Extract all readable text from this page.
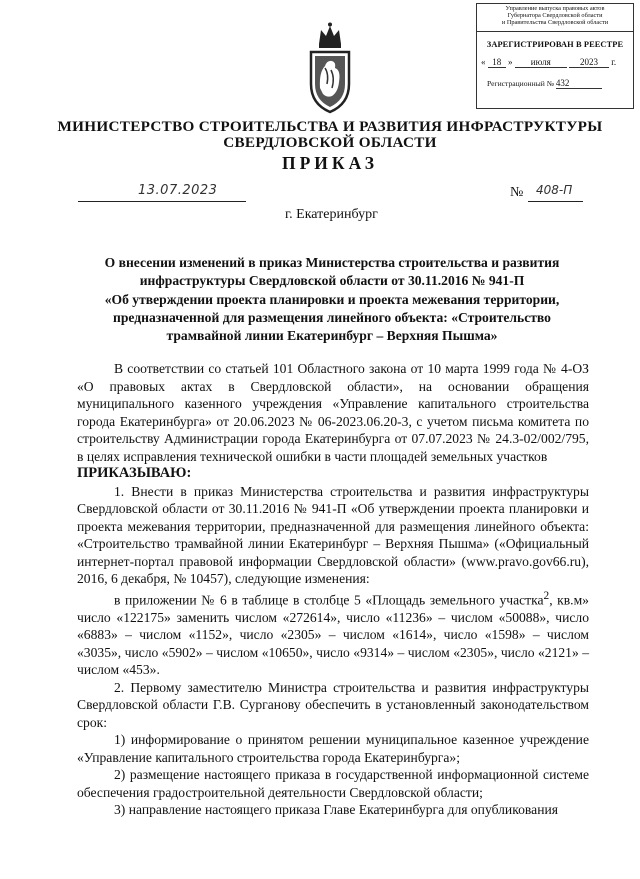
Управление выпуска правовых актов
Губернатора Свердловской области
и Правительства Свердловской области
ЗАРЕГИСТРИРОВАН В РЕЕСТРЕ
« 18 » июля	2023 г.
Регистрационный № 432
МИНИСТЕРСТВО СТРОИТЕЛЬСТВА И РАЗВИТИЯ ИНФРАСТРУКТУРЫ
СВЕРДЛОВСКОЙ ОБЛАСТИ
ПРИКАЗ
13.07.2023	№	408-П
г. Екатеринбург
О внесении изменений в приказ Министерства строительства и развития
инфраструктуры Свердловской области от 30.11.2016 № 941-П
«Об утверждении проекта планировки и проекта межевания территории,
предназначенной для размещения линейного объекта: «Строительство
трамвайной линии Екатеринбург – Верхняя Пышма»

В соответствии со статьей 101 Областного закона от 10 марта 1999 года № 4-ОЗ «О правовых актах в Свердловской области», на основании обращения муниципального казенного учреждения «Управление капитального строительства города Екатеринбурга» от 20.06.2023 № 06-2023.06.20-3, с учетом письма комитета по строительству Администрации города Екатеринбурга от 07.07.2023 № 24.3-02/002/795, в целях исправления технической ошибки в части площадей земельных участков

ПРИКАЗЫВАЮ:

1. Внести в приказ Министерства строительства и развития инфраструктуры Свердловской области от 30.11.2016 № 941-П «Об утверждении проекта планировки и проекта межевания территории, предназначенной для размещения линейного объекта: «Строительство трамвайной линии Екатеринбург – Верхняя Пышма» («Официальный интернет-портал правовой информации Свердловской области» (www.pravo.gov66.ru), 2016, 6 декабря, № 10457), следующие изменения:

в приложении № 6 в таблице в столбце 5 «Площадь земельного участка$^2$, кв.м» число «122175» заменить числом «272614», число «11236» – числом «50088», число «6883» – числом «1152», число «2305» – числом «1614», число «1598» – числом «3035», число «5902» – числом «10650», число «9314» – числом «2305», число «2121» – числом «453».

2. Первому заместителю Министра строительства и развития инфраструктуры Свердловской области Г.В. Сурганову обеспечить в установленный законодательством срок:

1) информирование о принятом решении муниципальное казенное учреждение «Управление капитального строительства города Екатеринбурга»;

2) размещение настоящего приказа в государственной информационной системе обеспечения градостроительной деятельности Свердловской области;

3) направление настоящего приказа Главе Екатеринбурга для опубликования
